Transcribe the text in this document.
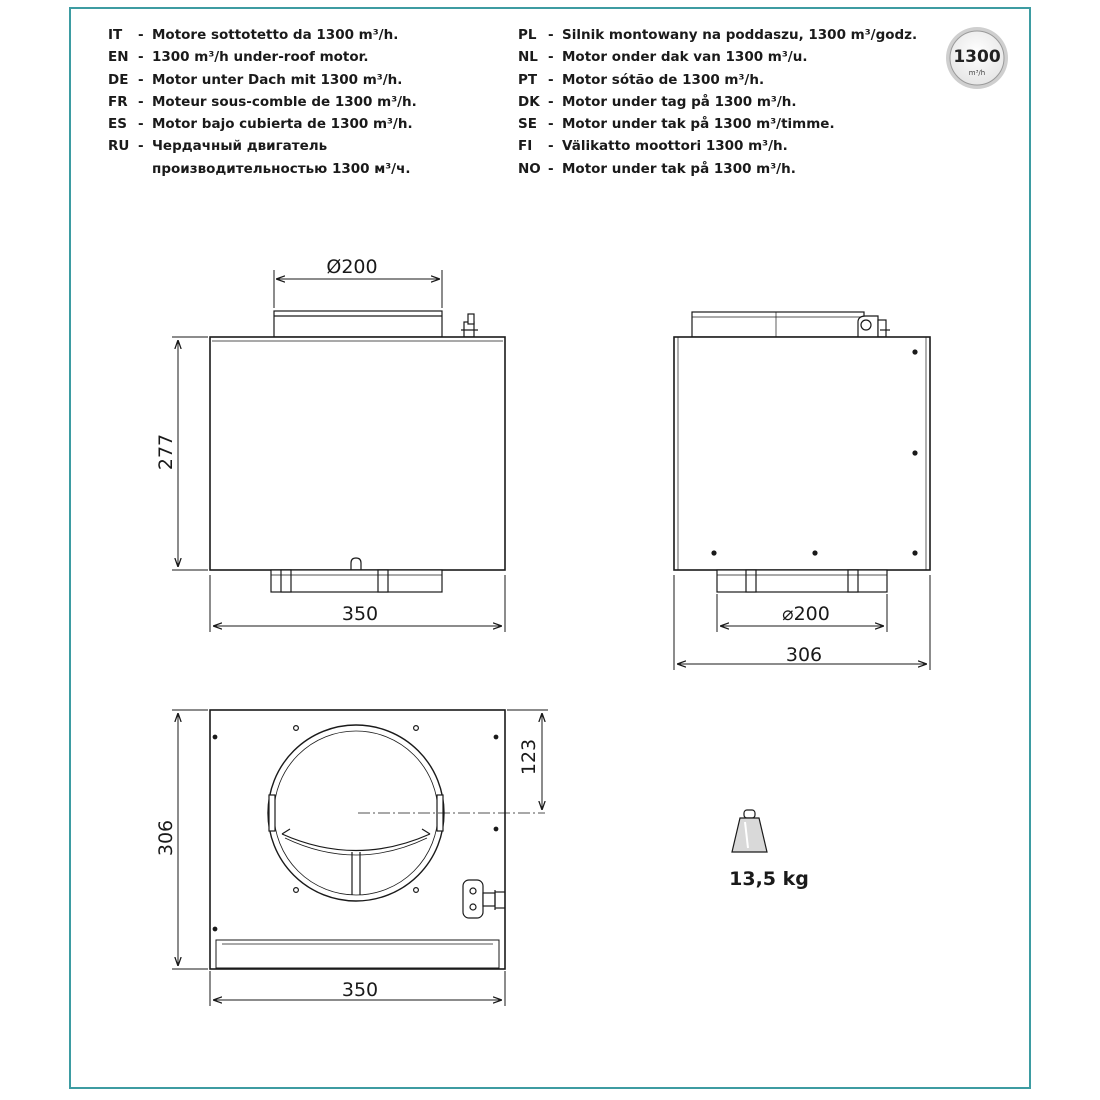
IT	- Motore sottotetto da 1300 m³/h.
EN - 1300 m³/h under-roof motor.
DE - Motor unter Dach mit 1300 m³/h.
FR - Moteur sous-comble de 1300 m³/h.
ES - Motor bajo cubierta de 1300 m³/h.
RU - Чердачный двигатель
производительностью 1300 м³/ч.
PL - Silnik montowany na poddaszu, 1300 m³/godz.
NL - Motor onder dak van 1300 m³/u.
PT - Motor sótão de 1300 m³/h.
DK - Motor under tag på 1300 m³/h.
SE - Motor under tak på 1300 m³/timme.
FI	- Välikatto moottori 1300 m³/h.
NO - Motor under tak på 1300 m³/h.
1300
m³/h
Ø200
277
350	⌀200
306
123
306
350
13,5 kg
